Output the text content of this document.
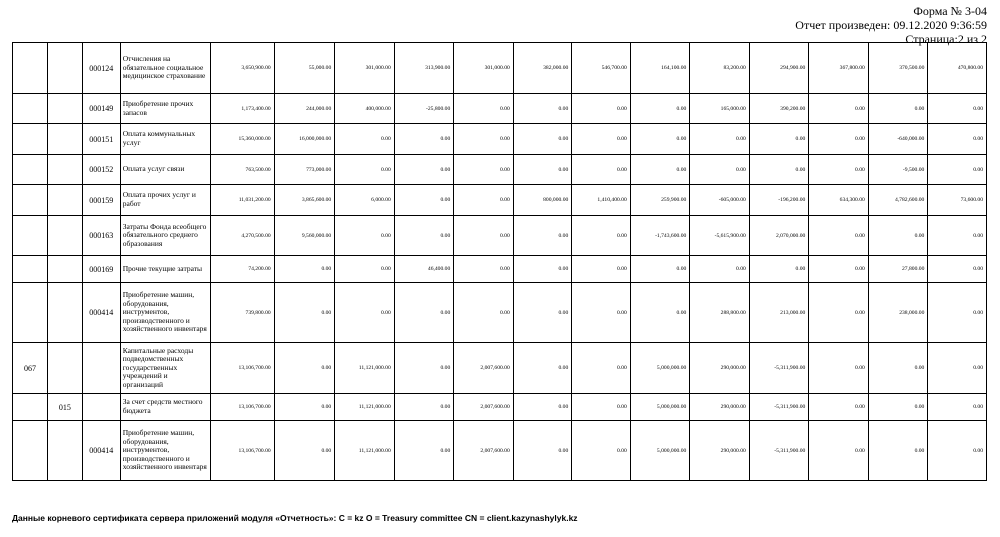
Форма № 3-04
Отчет произведен: 09.12.2020 9:36:59
Страница:2 из 2
		000124	Отчисления на обязательное социальное медицинское страхование	3,650,900.00	55,000.00	301,000.00	313,900.00	301,000.00	382,000.00	546,700.00	164,100.00	83,200.00	294,900.00	367,800.00	370,500.00	470,800.00
		000149	Приобретение прочих запасов	1,173,400.00	244,000.00	400,000.00	-25,800.00	0.00	0.00	0.00	0.00	165,000.00	390,200.00	0.00	0.00	0.00
		000151	Оплата коммунальных услуг	15,360,000.00	16,000,000.00	0.00	0.00	0.00	0.00	0.00	0.00	0.00	0.00	0.00	-640,000.00	0.00
		000152	Оплата услуг связи	763,500.00	773,000.00	0.00	0.00	0.00	0.00	0.00	0.00	0.00	0.00	0.00	-9,500.00	0.00
		000159	Оплата прочих услуг и работ	11,031,200.00	3,865,600.00	6,000.00	0.00	0.00	800,000.00	1,410,400.00	259,900.00	-605,000.00	-196,200.00	634,300.00	4,782,600.00	73,600.00
		000163	Затраты Фонда всеобщего обязательного среднего образования	4,270,500.00	9,560,000.00	0.00	0.00	0.00	0.00	0.00	-1,743,600.00	-5,615,900.00	2,070,000.00	0.00	0.00	0.00
		000169	Прочие текущие затраты	74,200.00	0.00	0.00	46,400.00	0.00	0.00	0.00	0.00	0.00	0.00	0.00	27,800.00	0.00
		000414	Приобретение машин, оборудования, инструментов, производственного и хозяйственного инвентаря	739,800.00	0.00	0.00	0.00	0.00	0.00	0.00	0.00	288,800.00	213,000.00	0.00	238,000.00	0.00
067			Капитальные расходы подведомственных государственных учреждений и организаций	13,106,700.00	0.00	11,121,000.00	0.00	2,007,600.00	0.00	0.00	5,000,000.00	290,000.00	-5,311,900.00	0.00	0.00	0.00
	015		За счет средств местного бюджета	13,106,700.00	0.00	11,121,000.00	0.00	2,007,600.00	0.00	0.00	5,000,000.00	290,000.00	-5,311,900.00	0.00	0.00	0.00
		000414	Приобретение машин, оборудования, инструментов, производственного и хозяйственного инвентаря	13,106,700.00	0.00	11,121,000.00	0.00	2,007,600.00	0.00	0.00	5,000,000.00	290,000.00	-5,311,900.00	0.00	0.00	0.00
Данные корневого сертификата сервера приложений модуля «Отчетность»: C = kz O = Treasury committee CN = client.kazynashylyk.kz
